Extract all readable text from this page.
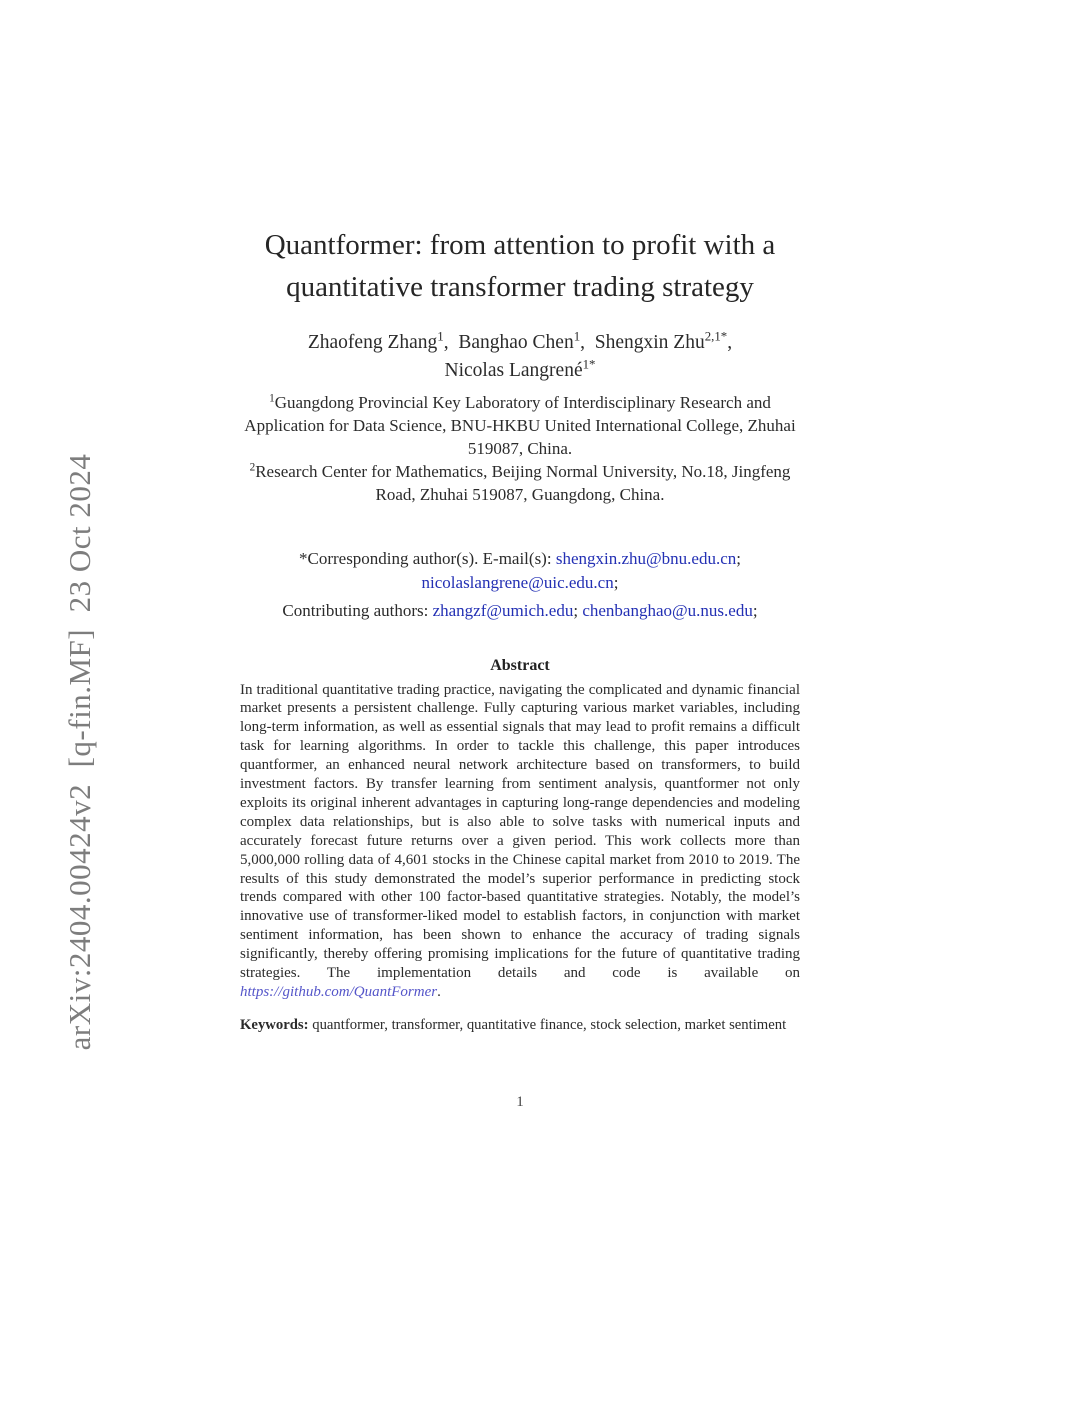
arXiv:2404.00424v2  [q-fin.MF]  23 Oct 2024
Quantformer: from attention to profit with a
quantitative transformer trading strategy
Zhaofeng Zhang$^1$,  Banghao Chen$^1$,  Shengxin Zhu$^{2,1*}$,
Nicolas Langrené$^{1*}$
$^1$Guangdong Provincial Key Laboratory of Interdisciplinary Research and Application for Data Science, BNU-HKBU United International College, Zhuhai 519087, China.
$^2$Research Center for Mathematics, Beijing Normal University, No.18, Jingfeng Road, Zhuhai 519087, Guangdong, China.
*Corresponding author(s). E-mail(s): shengxin.zhu@bnu.edu.cn;
nicolaslangrene@uic.edu.cn;
Contributing authors: zhangzf@umich.edu; chenbanghao@u.nus.edu;
Abstract

In traditional quantitative trading practice, navigating the complicated and dynamic financial market presents a persistent challenge. Fully capturing various market variables, including long-term information, as well as essential signals that may lead to profit remains a difficult task for learning algorithms. In order to tackle this challenge, this paper introduces quantformer, an enhanced neural network architecture based on transformers, to build investment factors. By transfer learning from sentiment analysis, quantformer not only exploits its original inherent advantages in capturing long-range dependencies and modeling complex data relationships, but is also able to solve tasks with numerical inputs and accurately forecast future returns over a given period. This work collects more than 5,000,000 rolling data of 4,601 stocks in the Chinese capital market from 2010 to 2019. The results of this study demonstrated the model’s superior performance in predicting stock trends compared with other 100 factor-based quantitative strategies. Notably, the model’s innovative use of transformer-liked model to establish factors, in conjunction with market sentiment information, has been shown to enhance the accuracy of trading signals significantly, thereby offering promising implications for the future of quantitative trading strategies. The implementation details and code is available on https://github.com/QuantFormer.

Keywords: quantformer, transformer, quantitative finance, stock selection, market sentiment

1
